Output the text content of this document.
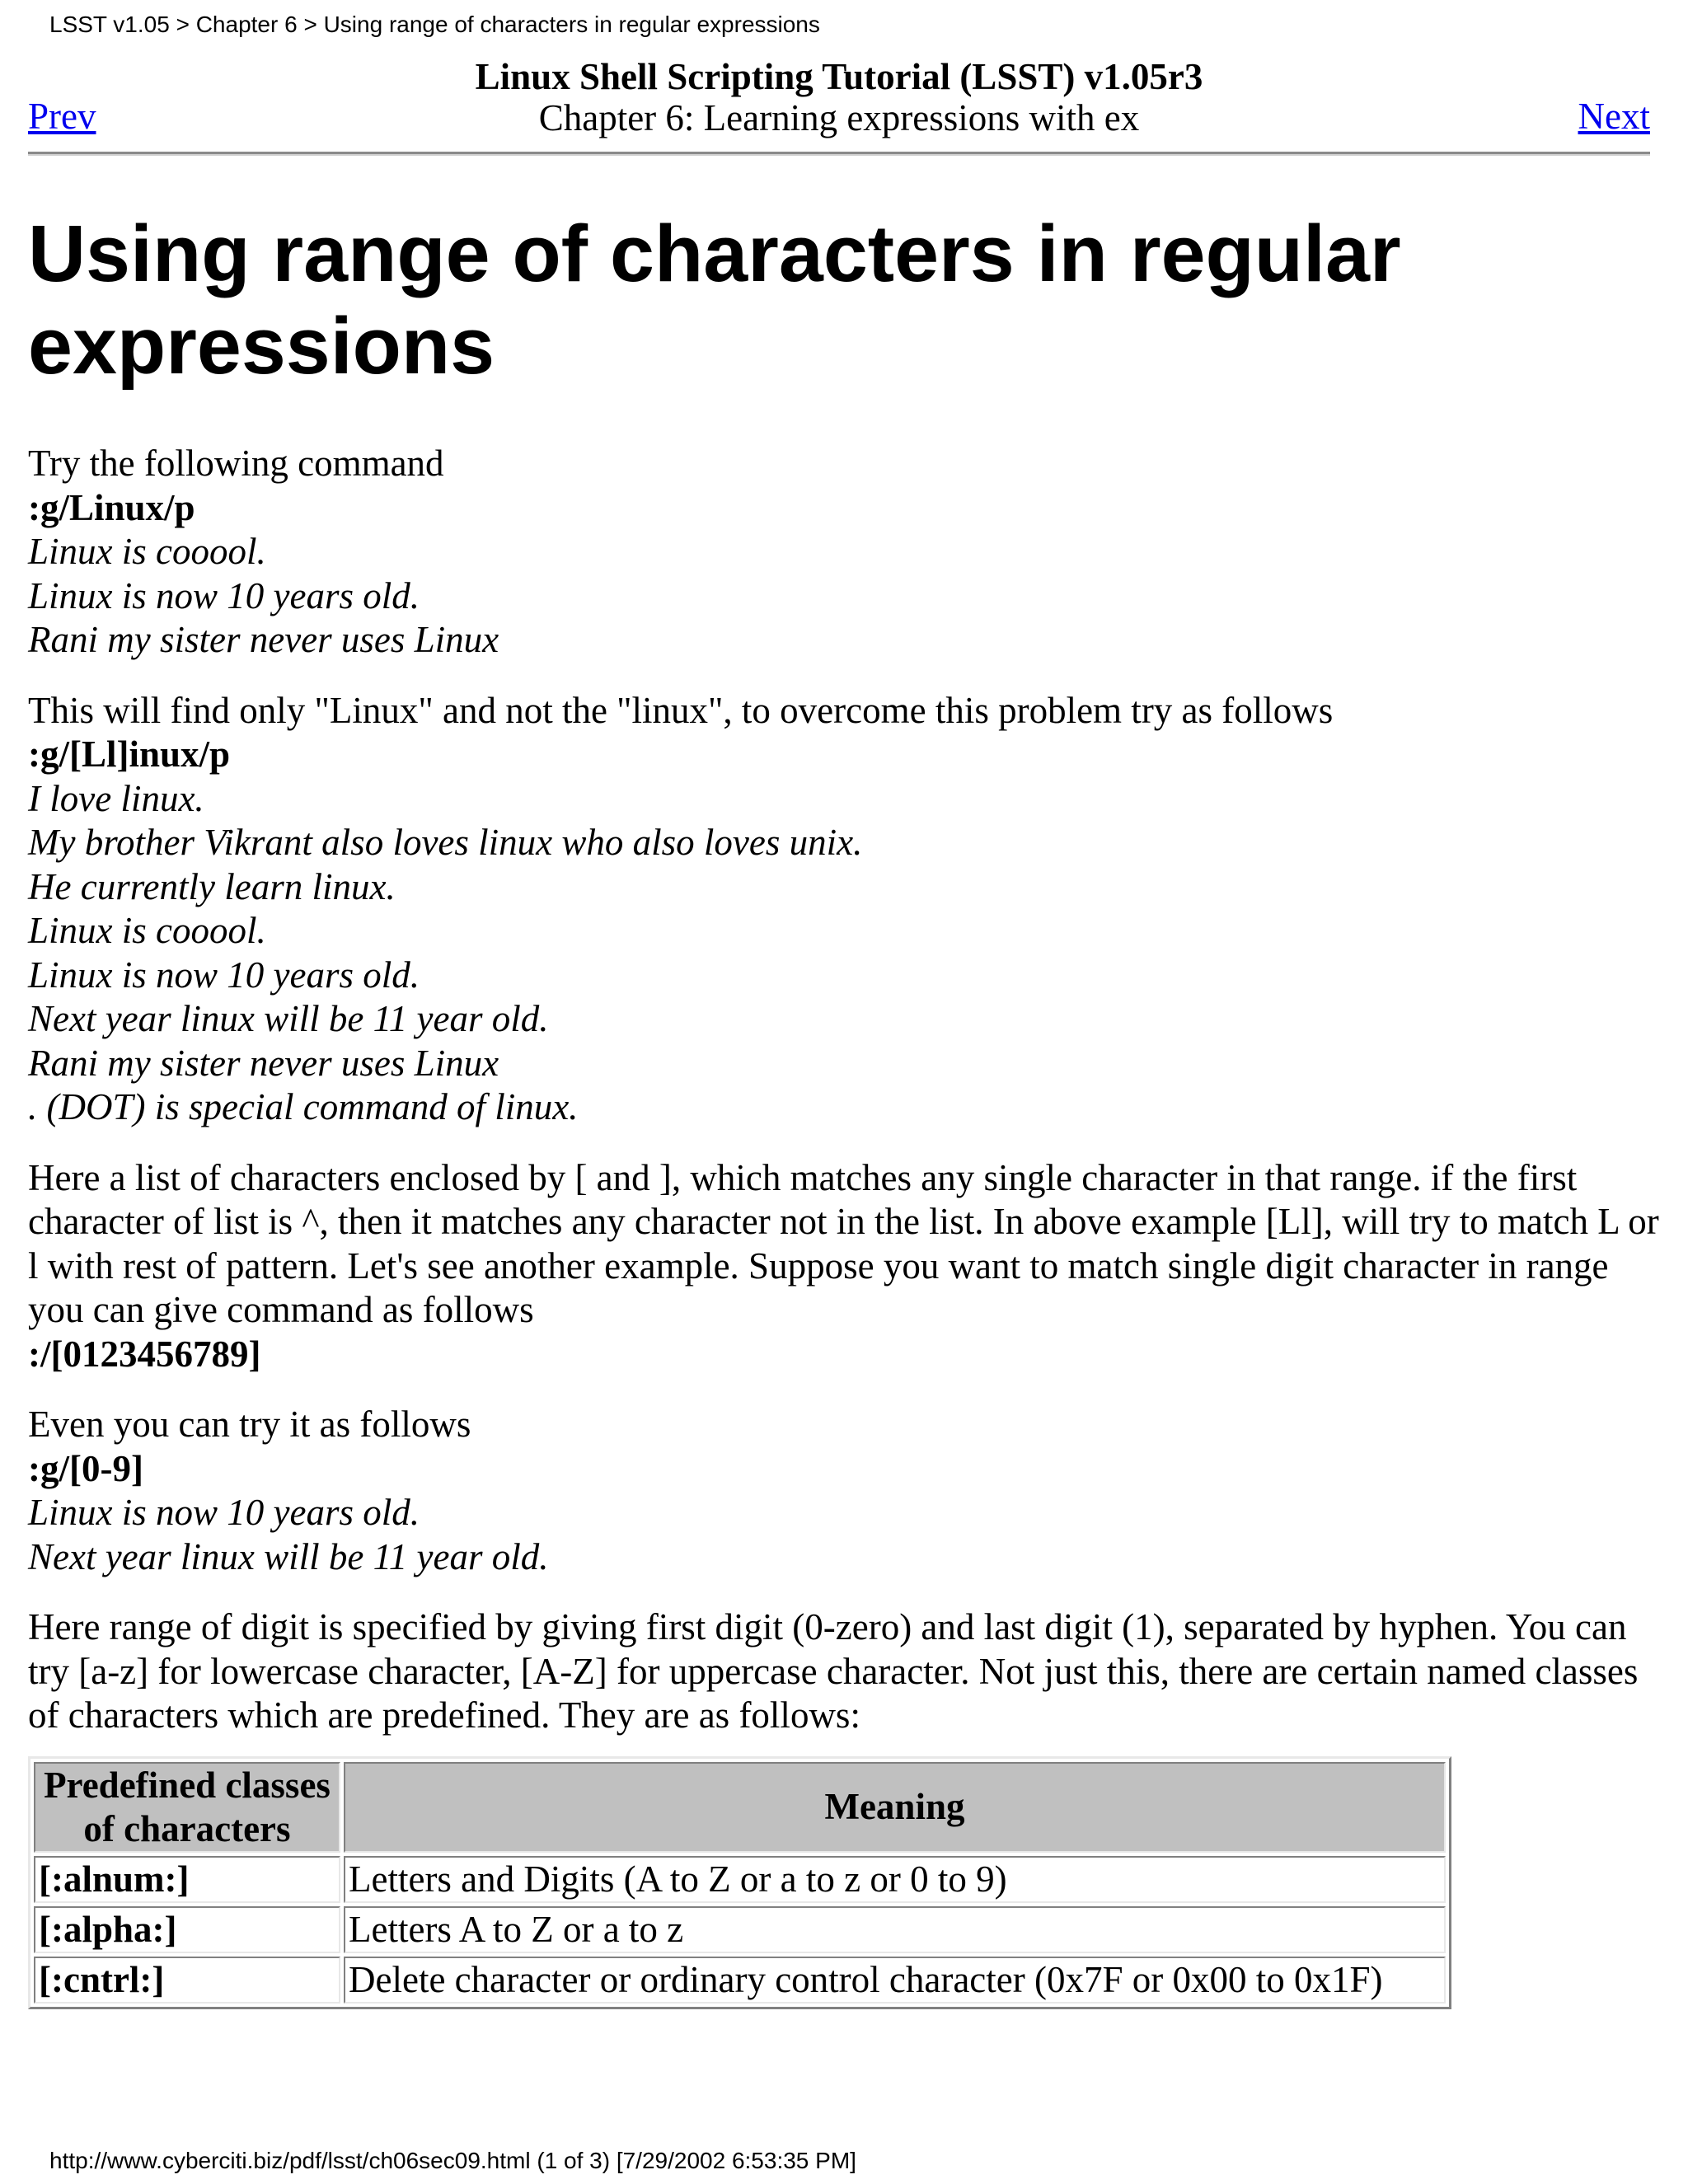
LSST v1.05 > Chapter 6 > Using range of characters in regular expressions
Linux Shell Scripting Tutorial (LSST) v1.05r3
Chapter 6: Learning expressions with ex
Prev	Next
Using range of characters in regular expressions
Try the following command
:g/Linux/p
Linux is cooool.
Linux is now 10 years old.
Rani my sister never uses Linux
This will find only "Linux" and not the "linux", to overcome this problem try as follows
:g/[Ll]inux/p
I love linux.
My brother Vikrant also loves linux who also loves unix.
He currently learn linux.
Linux is cooool.
Linux is now 10 years old.
Next year linux will be 11 year old.
Rani my sister never uses Linux
. (DOT) is special command of linux.
Here a list of characters enclosed by [ and ], which matches any single character in that range. if the first character of list is ^, then it matches any character not in the list. In above example [Ll], will try to match L or l with rest of pattern. Let's see another example. Suppose you want to match single digit character in range you can give command as follows
:/[0123456789]
Even you can try it as follows
:g/[0-9]
Linux is now 10 years old.
Next year linux will be 11 year old.
Here range of digit is specified by giving first digit (0-zero) and last digit (1), separated by hyphen. You can try [a-z] for lowercase character, [A-Z] for uppercase character. Not just this, there are certain named classes of characters which are predefined. They are as follows:
Predefined classes of characters	Meaning
[:alnum:]	Letters and Digits (A to Z or a to z or 0 to 9)
[:alpha:]	Letters A to Z or a to z
[:cntrl:]	Delete character or ordinary control character (0x7F or 0x00 to 0x1F)
http://www.cyberciti.biz/pdf/lsst/ch06sec09.html (1 of 3) [7/29/2002 6:53:35 PM]
